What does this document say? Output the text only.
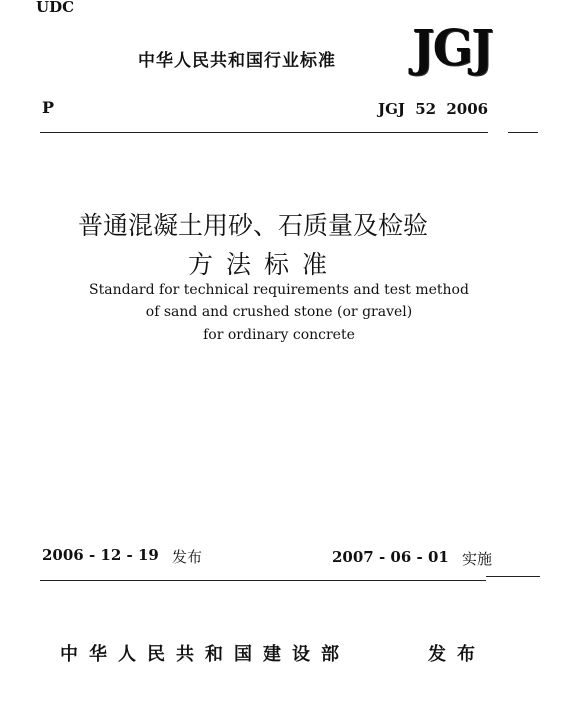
UDC
中华人民共和国行业标准 JGJ
P	JGJ 52 2006
普通混凝土用砂、石质量及检验
方法标准
Standard for technical requirements and test method
of sand and crushed stone (or gravel)
for ordinary concrete
2006 - 12 - 19 发布	2007 - 06 - 01 实施
中华人民共和国建设部	发布
